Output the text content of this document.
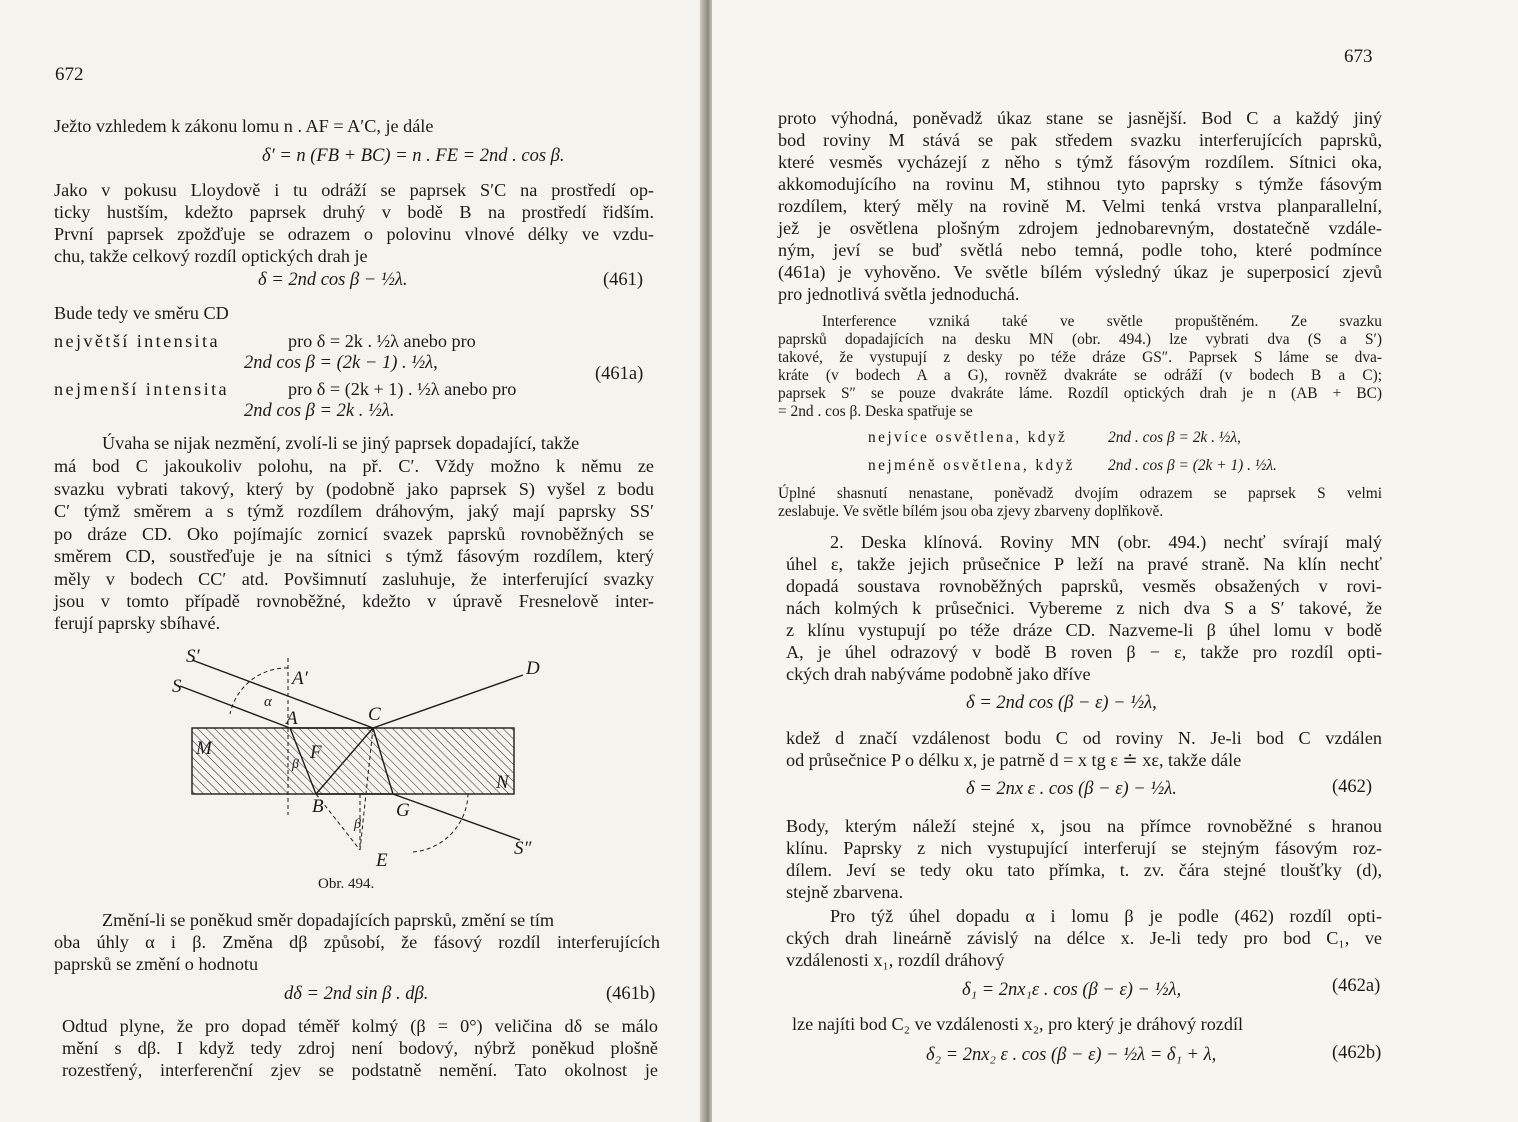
672
Ježto vzhledem k zákonu lomu n . AF = A′C, je dále
δ′ = n (FB + BC) = n . FE = 2nd . cos β.
Jako v pokusu Lloydově i tu odráží se paprsek S′C na prostředí op-
ticky hustším, kdežto paprsek druhý v bodě B na prostředí řidším.
První paprsek zpožďuje se odrazem o polovinu vlnové délky ve vzdu-
chu, takže celkový rozdíl optických drah je
δ = 2nd cos β − ½λ.	(461)
Bude tedy ve směru CD
největší intensita	pro δ = 2k . ½λ anebo pro
2nd cos β = (2k − 1) . ½λ,
(461a)
nejmenší intensita	pro δ = (2k + 1) . ½λ anebo pro
2nd cos β = 2k . ½λ.
Úvaha se nijak nezmění, zvolí-li se jiný paprsek dopadající, takže
má bod C jakoukoliv polohu, na př. C′. Vždy možno k němu ze
svazku vybrati takový, který by (podobně jako paprsek S) vyšel z bodu
C′ týmž směrem a s týmž rozdílem dráhovým, jaký mají paprsky SS′
po dráze CD. Oko pojímajíc zornicí svazek paprsků rovnoběžných se
směrem CD, soustřeďuje je na sítnici s týmž fásovým rozdílem, který
měly v bodech CC′ atd. Povšimnutí zasluhuje, že interferující svazky
jsou v tomto případě rovnoběžné, kdežto v úpravě Fresnelově inter-
ferují paprsky sbíhavé.
S′
S	A′
α
A	C
D
M	F
β
N
B	G
β
E
S″
Obr. 494.
Změní-li se poněkud směr dopadajících paprsků, změní se tím
oba úhly α i β. Změna dβ způsobí, že fásový rozdíl interferujících
paprsků se změní o hodnotu
dδ = 2nd sin β . dβ.	(461b)
Odtud plyne, že pro dopad téměř kolmý (β = 0°) veličina dδ se málo
mění s dβ. I když tedy zdroj není bodový, nýbrž poněkud plošně
rozestřený, interferenční zjev se podstatně nemění. Tato okolnost je
673
proto výhodná, poněvadž úkaz stane se jasnější. Bod C a každý jiný
bod roviny M stává se pak středem svazku interferujících paprsků,
které vesměs vycházejí z něho s týmž fásovým rozdílem. Sítnici oka,
akkomodujícího na rovinu M, stihnou tyto paprsky s týmže fásovým
rozdílem, který měly na rovině M. Velmi tenká vrstva planparallelní,
jež je osvětlena plošným zdrojem jednobarevným, dostatečně vzdále-
ným, jeví se buď světlá nebo temná, podle toho, které podmínce
(461a) je vyhověno. Ve světle bílém výsledný úkaz je superposicí zjevů
pro jednotlivá světla jednoduchá.
Interference vzniká také ve světle propuštěném. Ze svazku
paprsků dopadajících na desku MN (obr. 494.) lze vybrati dva (S a S′)
takové, že vystupují z desky po téže dráze GS″. Paprsek S láme se dva-
kráte (v bodech A a G), rovněž dvakráte se odráží (v bodech B a C);
paprsek S″ se pouze dvakráte láme. Rozdíl optických drah je n (AB + BC)
= 2nd . cos β. Deska spatřuje se
nejvíce osvětlena, když	2nd . cos β = 2k . ½λ,
nejméně osvětlena, když 2nd . cos β = (2k + 1) . ½λ.
Úplné shasnutí nenastane, poněvadž dvojím odrazem se paprsek S velmi
zeslabuje. Ve světle bílém jsou oba zjevy zbarveny doplňkově.
2. Deska klínová. Roviny MN (obr. 494.) nechť svírají malý
úhel ε, takže jejich průsečnice P leží na pravé straně. Na klín nechť
dopadá soustava rovnoběžných paprsků, vesměs obsažených v rovi-
nách kolmých k průsečnici. Vybereme z nich dva S a S′ takové, že
z klínu vystupují po téže dráze CD. Nazveme-li β úhel lomu v bodě
A, je úhel odrazový v bodě B roven β − ε, takže pro rozdíl opti-
ckých drah nabýváme podobně jako dříve
δ = 2nd cos (β − ε) − ½λ,
kdež d značí vzdálenost bodu C od roviny N. Je-li bod C vzdálen
od průsečnice P o délku x, je patrně d = x tg ε ≐ xε, takže dále
δ = 2nx ε . cos (β − ε) − ½λ.	(462)
Body, kterým náleží stejné x, jsou na přímce rovnoběžné s hranou
klínu. Paprsky z nich vystupující interferují se stejným fásovým roz-
dílem. Jeví se tedy oku tato přímka, t. zv. čára stejné tloušťky (d),
stejně zbarvena.
Pro týž úhel dopadu α i lomu β je podle (462) rozdíl opti-
ckých drah lineárně závislý na délce x. Je-li tedy pro bod C₁, ve
vzdálenosti x₁, rozdíl dráhový
δ₁ = 2nx₁ε . cos (β − ε) − ½λ,	(462a)
lze najíti bod C₂ ve vzdálenosti x₂, pro který je dráhový rozdíl
δ₂ = 2nx₂ ε . cos (β − ε) − ½λ = δ₁ + λ,	(462b)
